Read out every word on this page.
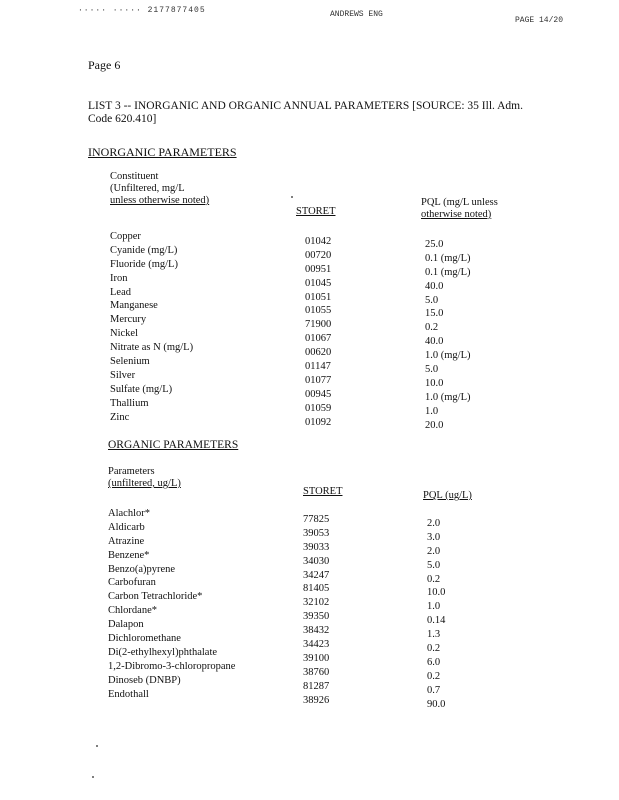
····· ····· 2177877405	ANDREWS ENG
PAGE 14/20
Page 6
LIST 3 -- INORGANIC AND ORGANIC ANNUAL PARAMETERS [SOURCE: 35 Ill. Adm. Code 620.410]
INORGANIC PARAMETERS
Constituent
(Unfiltered, mg/L
unless otherwise noted)
STORET
PQL (mg/L unless
otherwise noted)
Copper
Cyanide (mg/L)
Fluoride (mg/L)
Iron
Lead
Manganese
Mercury
Nickel
Nitrate as N (mg/L)
Selenium
Silver
Sulfate (mg/L)
Thallium
Zinc
01042
00720
00951
01045
01051
01055
71900
01067
00620
01147
01077
00945
01059
01092
25.0
0.1 (mg/L)
0.1 (mg/L)
40.0
5.0
15.0
0.2
40.0
1.0 (mg/L)
5.0
10.0
1.0 (mg/L)
1.0
20.0
ORGANIC PARAMETERS
Parameters
(unfiltered, ug/L)
STORET	PQL (ug/L)
Alachlor*
Aldicarb
Atrazine
Benzene*
Benzo(a)pyrene
Carbofuran
Carbon Tetrachloride*
Chlordane*
Dalapon
Dichloromethane
Di(2-ethylhexyl)phthalate
1,2-Dibromo-3-chloropropane
Dinoseb (DNBP)
Endothall
77825
39053
39033
34030
34247
81405
32102
39350
38432
34423
39100
38760
81287
38926
2.0
3.0
2.0
5.0
0.2
10.0
1.0
0.14
1.3
0.2
6.0
0.2
0.7
90.0
